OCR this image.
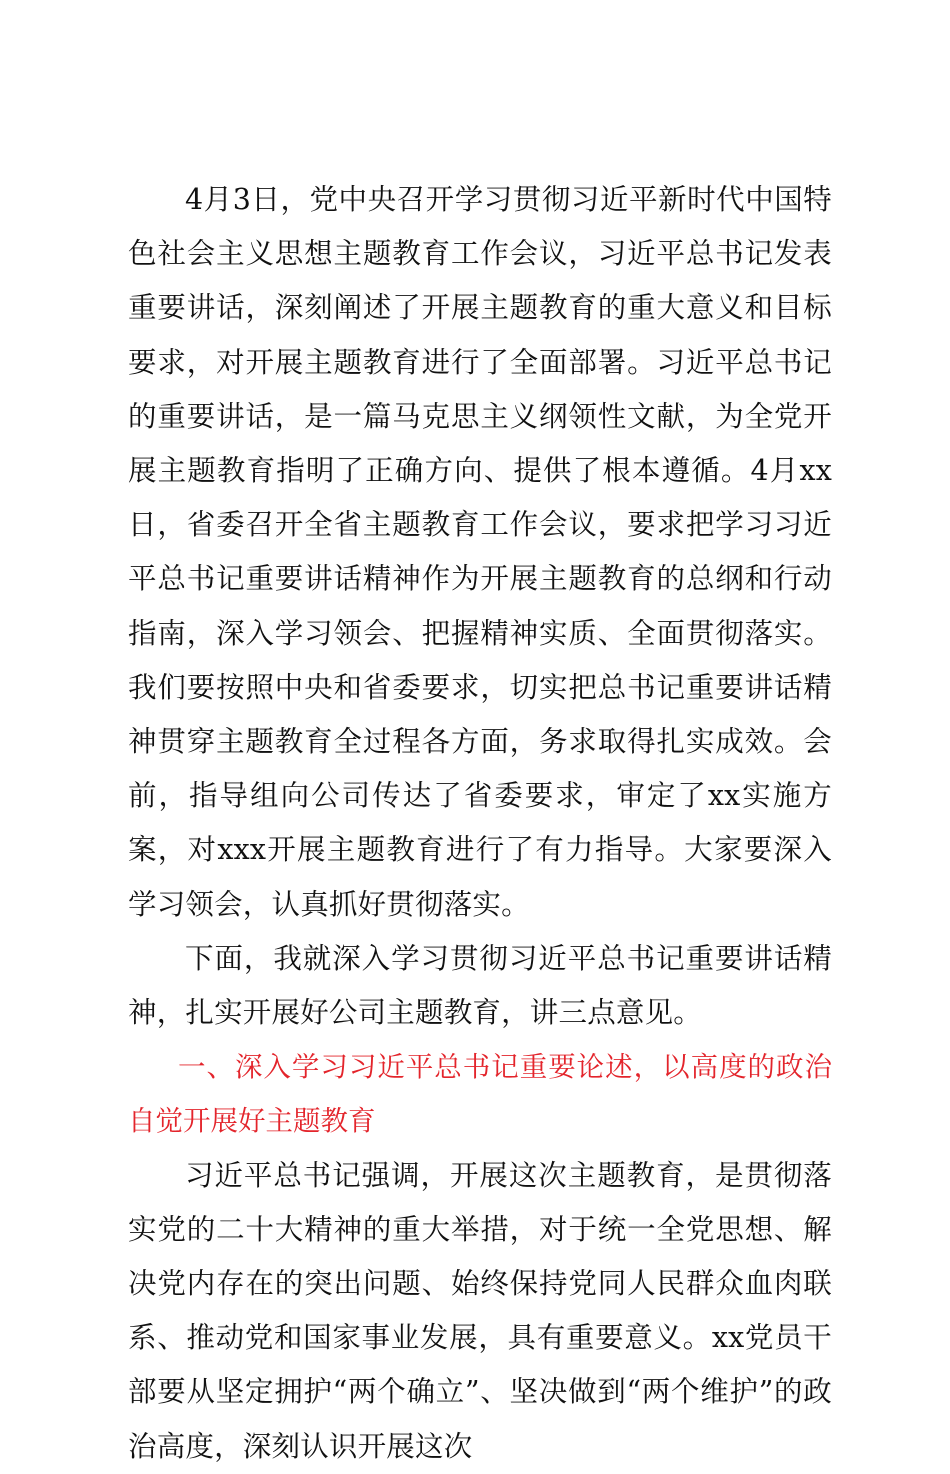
4月3日，党中央召开学习贯彻习近平新时代中国特色社会主义思想主题教育工作会议，习近平总书记发表重要讲话，深刻阐述了开展主题教育的重大意义和目标要求，对开展主题教育进行了全面部署。习近平总书记的重要讲话，是一篇马克思主义纲领性文献，为全党开展主题教育指明了正确方向、提供了根本遵循。4月xx日，省委召开全省主题教育工作会议，要求把学习习近平总书记重要讲话精神作为开展主题教育的总纲和行动指南，深入学习领会、把握精神实质、全面贯彻落实。我们要按照中央和省委要求，切实把总书记重要讲话精神贯穿主题教育全过程各方面，务求取得扎实成效。会前，指导组向公司传达了省委要求，审定了xx实施方案，对xxx开展主题教育进行了有力指导。大家要深入学习领会，认真抓好贯彻落实。

下面，我就深入学习贯彻习近平总书记重要讲话精神，扎实开展好公司主题教育，讲三点意见。

一、深入学习习近平总书记重要论述，以高度的政治自觉开展好主题教育

习近平总书记强调，开展这次主题教育，是贯彻落实党的二十大精神的重大举措，对于统一全党思想、解决党内存在的突出问题、始终保持党同人民群众血肉联系、推动党和国家事业发展，具有重要意义。xx党员干部要从坚定拥护“两个确立”、坚决做到“两个维护”的政治高度，深刻认识开展这次
